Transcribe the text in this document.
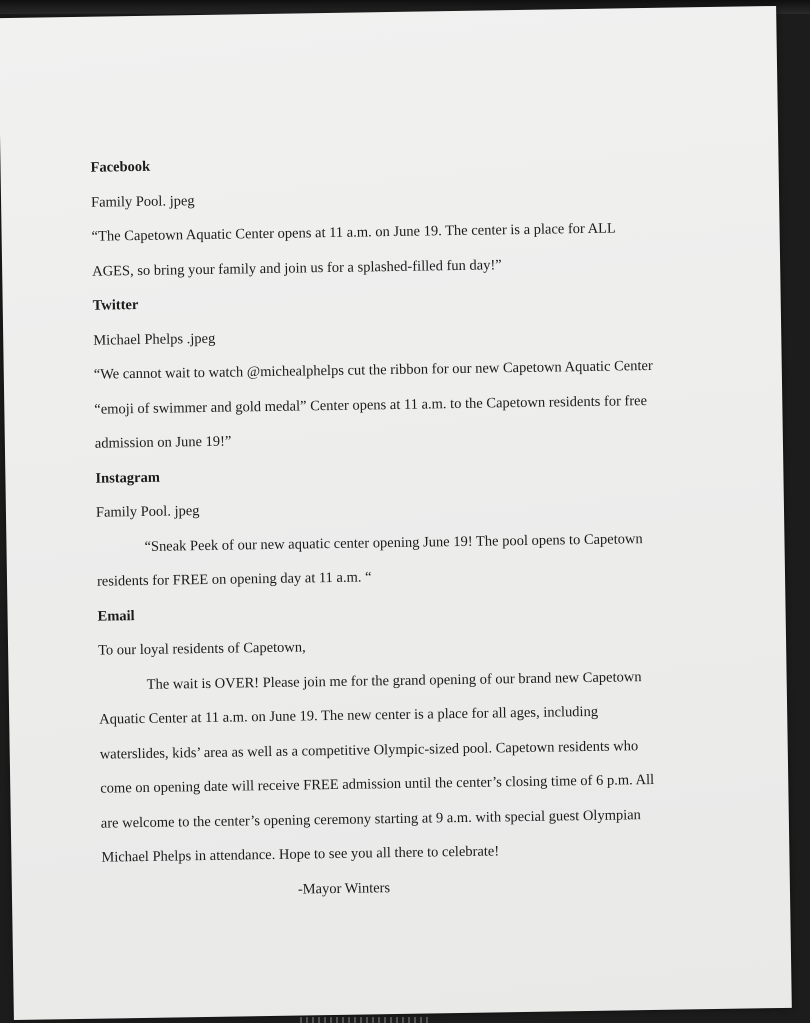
Facebook

Family Pool. jpeg

“The Capetown Aquatic Center opens at 11 a.m. on June 19. The center is a place for ALL

AGES, so bring your family and join us for a splashed-filled fun day!”

Twitter

Michael Phelps .jpeg

“We cannot wait to watch @michealphelps cut the ribbon for our new Capetown Aquatic Center

“emoji of swimmer and gold medal” Center opens at 11 a.m. to the Capetown residents for free

admission on June 19!”

Instagram

Family Pool. jpeg

“Sneak Peek of our new aquatic center opening June 19! The pool opens to Capetown

residents for FREE on opening day at 11 a.m. “

Email

To our loyal residents of Capetown,

The wait is OVER! Please join me for the grand opening of our brand new Capetown

Aquatic Center at 11 a.m. on June 19. The new center is a place for all ages, including

waterslides, kids’ area as well as a competitive Olympic-sized pool. Capetown residents who

come on opening date will receive FREE admission until the center’s closing time of 6 p.m. All

are welcome to the center’s opening ceremony starting at 9 a.m. with special guest Olympian

Michael Phelps in attendance. Hope to see you all there to celebrate!

-Mayor Winters
